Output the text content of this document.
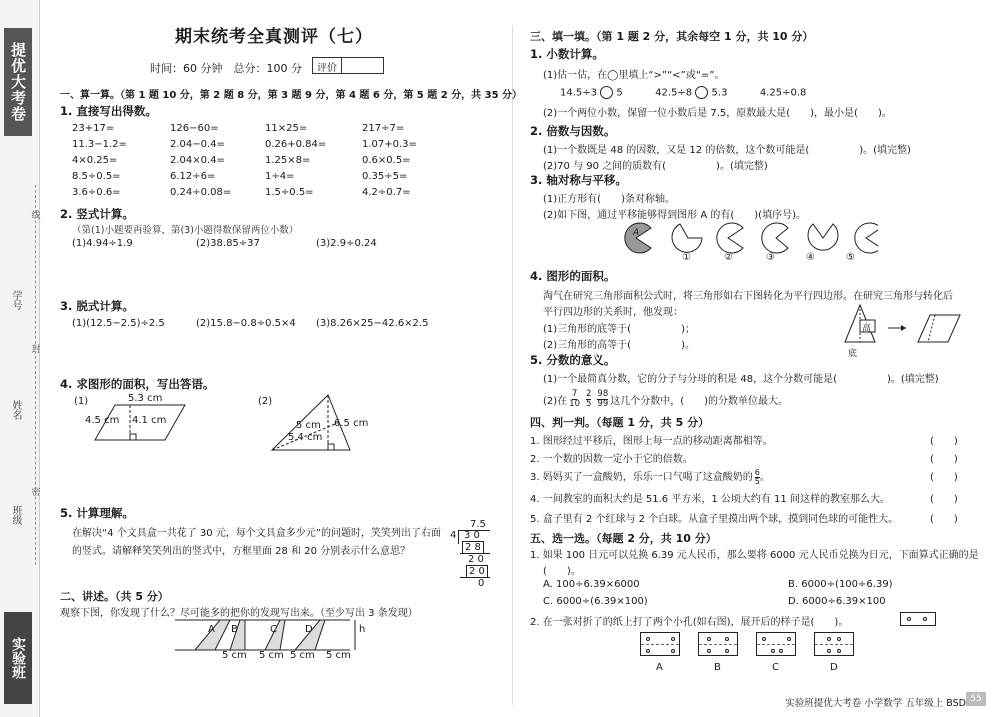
提优大考卷
学号
姓名
班级
线
封
密
实验班
期末统考全真测评（七）
时间：60 分钟　总分：100 分	评价
一、算一算。（第 1 题 10 分，第 2 题 8 分，第 3 题 9 分，第 4 题 6 分，第 5 题 2 分，共 35 分）
1. 直接写出得数。
23+17=	126−60=	11×25=	217÷7=
11.3−1.2=	2.04−0.4=	0.26+0.84=	1.07+0.3=
4×0.25=	2.04×0.4=	1.25×8=	0.6×0.5=
8.5÷0.5=	6.12÷6=	1÷4=	0.35÷5=
3.6÷0.6=	0.24÷0.08=	1.5÷0.5=	4.2÷0.7=
2. 竖式计算。
（第(1)小题要再验算，第(3)小题得数保留两位小数）
(1)4.94÷1.9	(2)38.85÷37	(3)2.9÷0.24
3. 脱式计算。
(1)(12.5−2.5)÷2.5	(2)15.8−0.8÷0.5×4 (3)8.26×25−42.6×2.5
4. 求图形的面积，写出答语。
(1)	5.3 cm
4.5 cm 4.1 cm
(2)
5 cm 6.5 cm
5.4 cm
5. 计算理解。
在解决“4 个文具盒一共花了 30 元，每个文具盒多少元”的问题时，笑笑列出了右面
的竖式。请解释笑笑列出的竖式中，方框里面 28 和 20 分别表示什么意思？
7.5
4 3 0
2 8
2 0
2 0
0
二、讲述。（共 5 分）
观察下图，你发现了什么？尽可能多的把你的发现写出来。（至少写出 3 条发现）
A B	C	D	h
5 cm 5 cm 5 cm 5 cm
三、填一填。（第 1 题 2 分，其余每空 1 分，共 10 分）
1. 小数计算。
(1)估一估，在◯里填上“>”“<”或“=”。
14.5÷3 5	42.5÷8 5.3	4.25÷0.8
(2)一个两位小数，保留一位小数后是 7.5，原数最大是(　　)，最小是(　　)。
2. 倍数与因数。
(1)一个数既是 48 的因数，又是 12 的倍数，这个数可能是(　　　　　)。(填完整)
(2)70 与 90 之间的质数有(　　　　　)。(填完整)
3. 轴对称与平移。
(1)正方形有(　　)条对称轴。
(2)如下图，通过平移能够得到图形 A 的有(　　)(填序号)。
A
①	②	③	④	⑤
4. 图形的面积。
淘气在研究三角形面积公式时，将三角形如右下图转化为平行四边形。在研究三角形与转化后
平行四边形的关系时，他发现：
(1)三角形的底等于(　　　　　)；
(2)三角形的高等于(　　　　　)。
高
底
5. 分数的意义。
(1)一个最简真分数，它的分子与分母的积是 48，这个分数可能是(　　　　　)。(填完整)
(2)在 $\frac{7}{10} \frac{2}{5} \frac{98}{99}$ 这几个分数中，(　　)的分数单位最大。
四、判一判。（每题 1 分，共 5 分）
1. 图形经过平移后，图形上每一点的移动距离都相等。	(　　)
2. 一个数的因数一定小于它的倍数。	(　　)
3. 妈妈买了一盒酸奶，乐乐一口气喝了这盒酸奶的 $\frac{6}{5}$ 。	(　　)
4. 一间教室的面积大约是 51.6 平方米，1 公顷大约有 11 间这样的教室那么大。	(　　)
5. 盒子里有 2 个红球与 2 个白球。从盒子里摸出两个球，摸到同色球的可能性大。	(　　)
五、选一选。（每题 2 分，共 10 分）
1. 如果 100 日元可以兑换 6.39 元人民币，那么要将 6000 元人民币兑换为日元，下面算式正确的是
(　　)。
A. 100÷6.39×6000	B. 6000÷(100÷6.39)
C. 6000÷(6.39×100)	D. 6000÷6.39×100
2. 在一张对折了的纸上打了两个小孔(如右图)，展开后的样子是(　　)。
A	B	C	D
实验班提优大考卷 小学数学 五年级上 BSD 55
